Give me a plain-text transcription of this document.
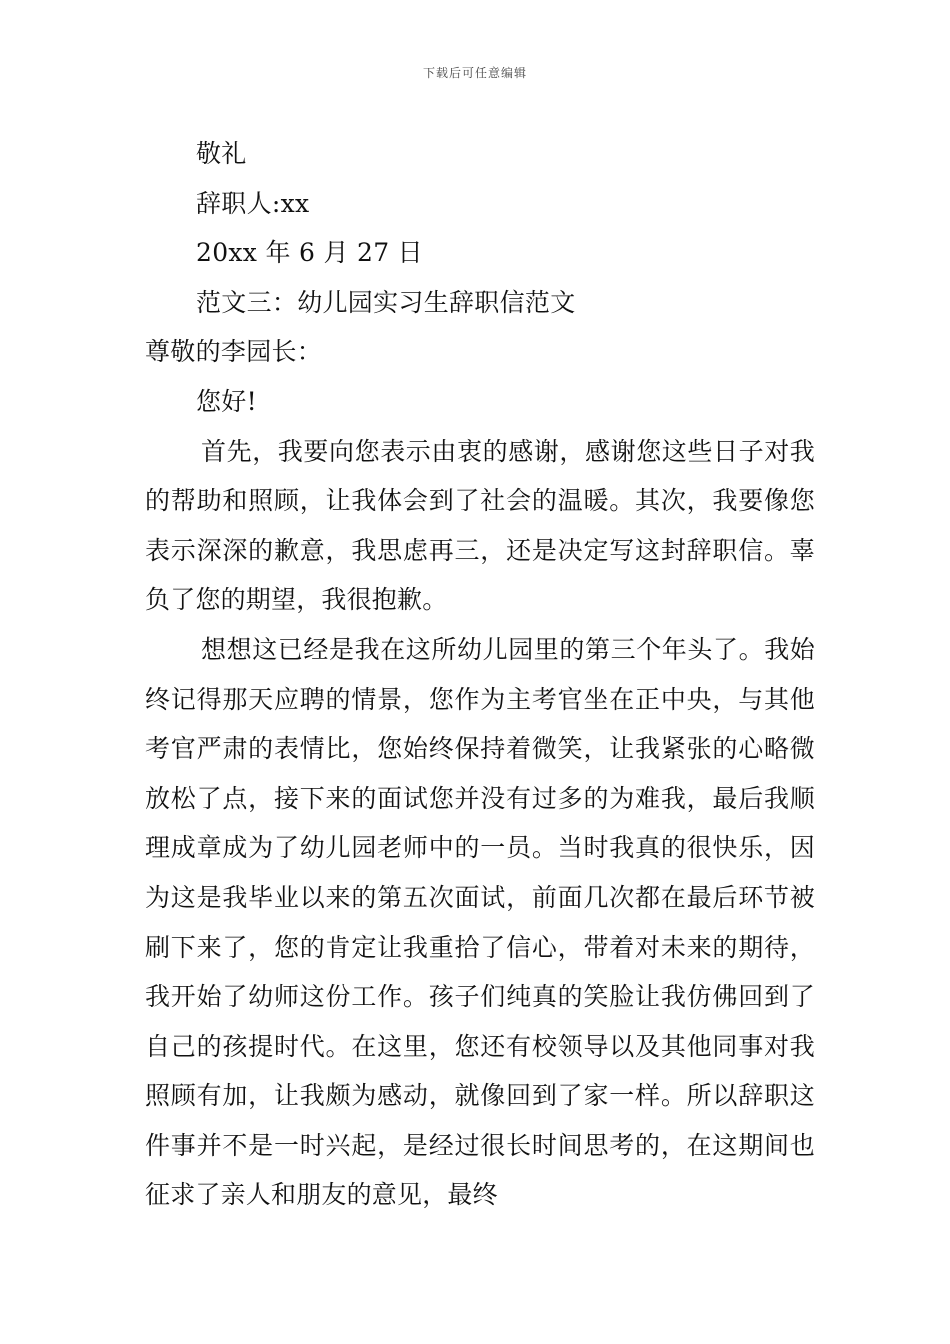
下载后可任意编辑
敬礼
辞职人:xx
20xx 年 6 月 27 日
范文三：幼儿园实习生辞职信范文
尊敬的李园长：
您好!
首先，我要向您表示由衷的感谢，感谢您这些日子对我的帮助和照顾，让我体会到了社会的温暖。其次，我要像您表示深深的歉意，我思虑再三，还是决定写这封辞职信。辜负了您的期望，我很抱歉。
想想这已经是我在这所幼儿园里的第三个年头了。我始终记得那天应聘的情景，您作为主考官坐在正中央，与其他考官严肃的表情比，您始终保持着微笑，让我紧张的心略微放松了点，接下来的面试您并没有过多的为难我，最后我顺理成章成为了幼儿园老师中的一员。当时我真的很快乐，因为这是我毕业以来的第五次面试，前面几次都在最后环节被刷下来了，您的肯定让我重拾了信心，带着对未来的期待，我开始了幼师这份工作。孩子们纯真的笑脸让我仿佛回到了自己的孩提时代。在这里，您还有校领导以及其他同事对我照顾有加，让我颇为感动，就像回到了家一样。所以辞职这件事并不是一时兴起，是经过很长时间思考的，在这期间也征求了亲人和朋友的意见，最终
